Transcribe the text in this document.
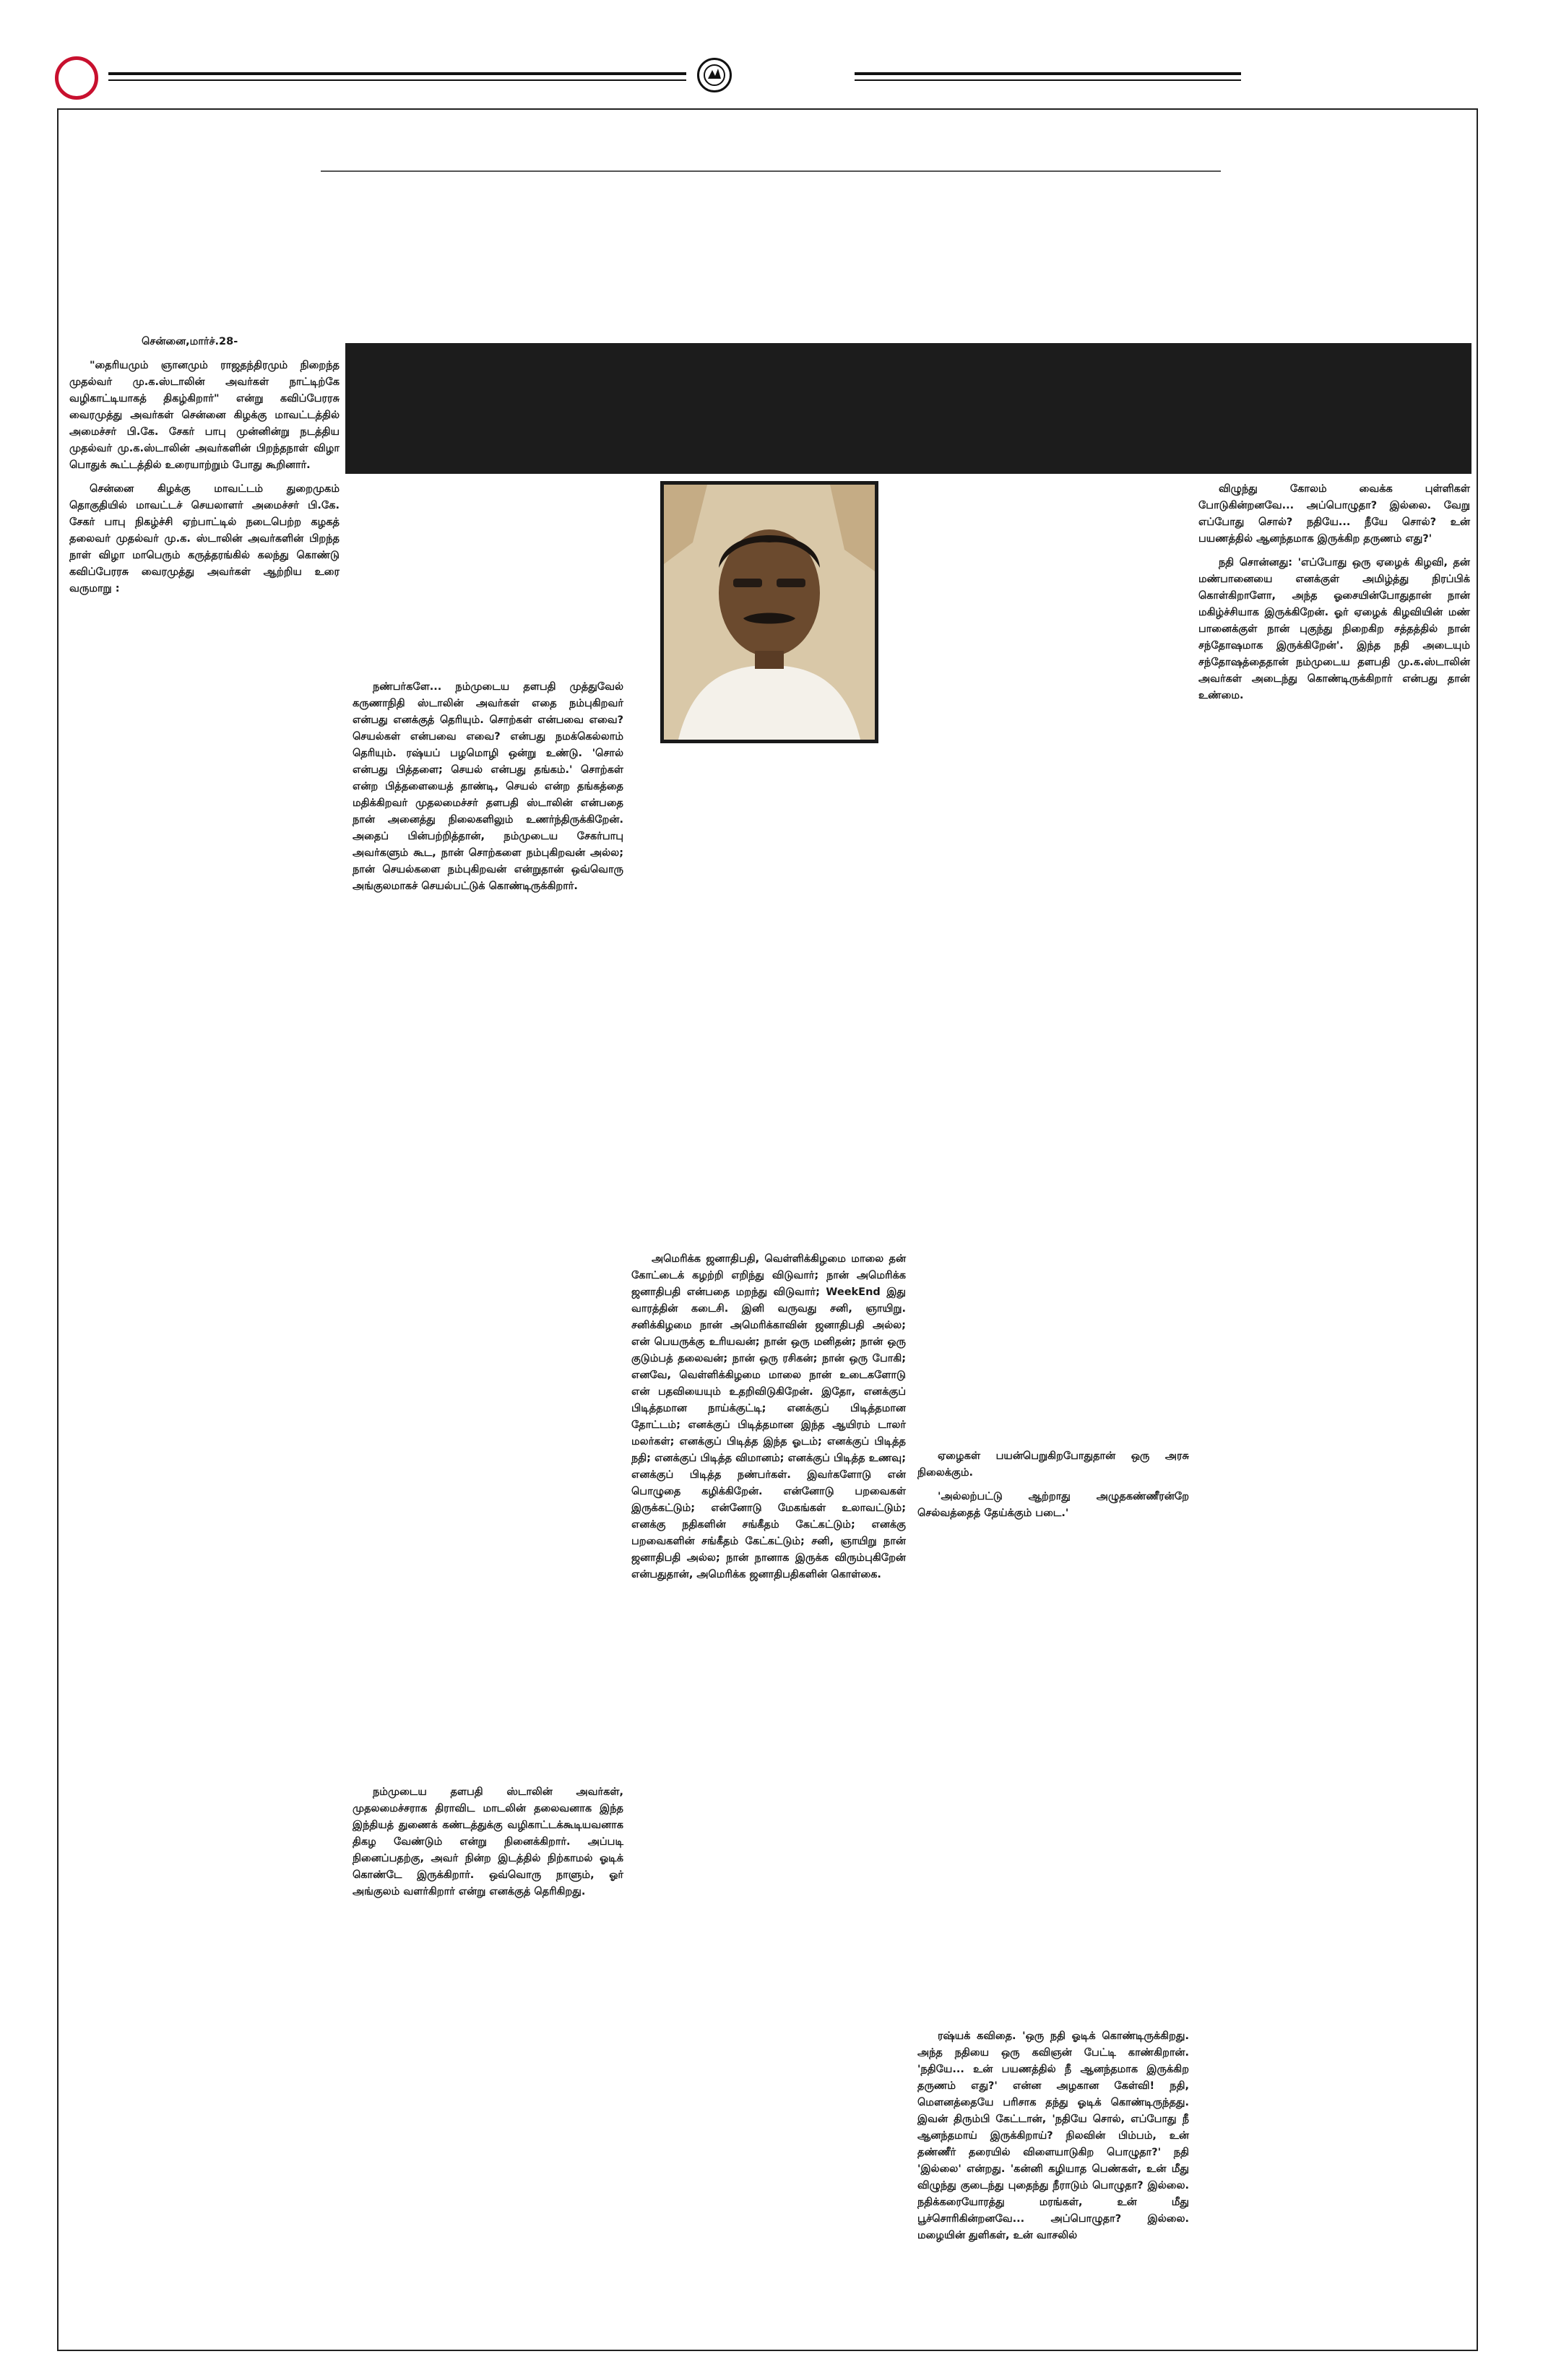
சென்னை,மார்ச்.28-

"தைரியமும் ஞானமும் ராஜதந்திரமும் நிறைந்த முதல்வர் மு.க.ஸ்டாலின் அவர்கள் நாட்டிற்கே வழிகாட்டியாகத் திகழ்கிறார்" என்று கவிப்பேரரசு வைரமுத்து அவர்கள் சென்னை கிழக்கு மாவட்டத்தில் அமைச்சர் பி.கே. சேகர் பாபு முன்னின்று நடத்திய முதல்வர் மு.க.ஸ்டாலின் அவர்களின் பிறந்தநாள் விழா பொதுக் கூட்டத்தில் உரையாற்றும் போது கூறினார்.

சென்னை கிழக்கு மாவட்டம் துறைமுகம் தொகுதியில் மாவட்டச் செயலாளர் அமைச்சர் பி.கே. சேகர் பாபு நிகழ்ச்சி ஏற்பாட்டில் நடைபெற்ற கழகத் தலைவர் முதல்வர் மு.க. ஸ்டாலின் அவர்களின் பிறந்த நாள் விழா மாபெரும் கருத்தரங்கில் கலந்து கொண்டு கவிப்பேரரசு வைரமுத்து அவர்கள் ஆற்றிய உரை வருமாறு :

நண்பர்களே... நம்முடைய தளபதி முத்துவேல் கருணாநிதி ஸ்டாலின் அவர்கள் எதை நம்புகிறவர் என்பது எனக்குத் தெரியும். சொற்கள் என்பவை எவை? செயல்கள் என்பவை எவை? என்பது நமக்கெல்லாம் தெரியும். ரஷ்யப் பழமொழி ஒன்று உண்டு. 'சொல் என்பது பித்தளை; செயல் என்பது தங்கம்.' சொற்கள் என்ற பித்தளையைத் தாண்டி, செயல் என்ற தங்கத்தை மதிக்கிறவர் முதலமைச்சர் தளபதி ஸ்டாலின் என்பதை நான் அனைத்து நிலைகளிலும் உணர்ந்திருக்கிறேன். அதைப் பின்பற்றித்தான், நம்முடைய சேகர்பாபு அவர்களும் கூட, நான் சொற்களை நம்புகிறவன் அல்ல; நான் செயல்களை நம்புகிறவன் என்றுதான் ஒவ்வொரு அங்குலமாகச் செயல்பட்டுக் கொண்டிருக்கிறார்.

நம்முடைய தளபதி ஸ்டாலின் அவர்கள், முதலமைச்சராக திராவிட மாடலின் தலைவனாக இந்த இந்தியத் துணைக் கண்டத்துக்கு வழிகாட்டக்கூடியவனாக திகழ வேண்டும் என்று நினைக்கிறார். அப்படி நினைப்பதற்கு, அவர் நின்ற இடத்தில் நிற்காமல் ஓடிக் கொண்டே இருக்கிறார். ஒவ்வொரு நாளும், ஓர் அங்குலம் வளர்கிறார் என்று எனக்குத் தெரிகிறது.

அமெரிக்க ஜனாதிபதி, வெள்ளிக்கிழமை மாலை தன் கோட்டைக் கழற்றி எறிந்து விடுவார்; நான் அமெரிக்க ஜனாதிபதி என்பதை மறந்து விடுவார்; WeekEnd இது வாரத்தின் கடைசி. இனி வருவது சனி, ஞாயிறு. சனிக்கிழமை நான் அமெரிக்காவின் ஜனாதிபதி அல்ல; என் பெயருக்கு உரியவன்; நான் ஒரு மனிதன்; நான் ஒரு குடும்பத் தலைவன்; நான் ஒரு ரசிகன்; நான் ஒரு போகி; எனவே, வெள்ளிக்கிழமை மாலை நான் உடைகளோடு என் பதவியையும் உதறிவிடுகிறேன். இதோ, எனக்குப் பிடித்தமான நாய்க்குட்டி; எனக்குப் பிடித்தமான தோட்டம்; எனக்குப் பிடித்தமான இந்த ஆயிரம் டாலர் மலர்கள்; எனக்குப் பிடித்த இந்த ஓடம்; எனக்குப் பிடித்த நதி; எனக்குப் பிடித்த விமானம்; எனக்குப் பிடித்த உணவு; எனக்குப் பிடித்த நண்பர்கள். இவர்களோடு என் பொழுதை கழிக்கிறேன். என்னோடு பறவைகள் இருக்கட்டும்; என்னோடு மேகங்கள் உலாவட்டும்; எனக்கு நதிகளின் சங்கீதம் கேட்கட்டும்; எனக்கு பறவைகளின் சங்கீதம் கேட்கட்டும்; சனி, ஞாயிறு நான் ஜனாதிபதி அல்ல; நான் நானாக இருக்க விரும்புகிறேன் என்பதுதான், அமெரிக்க ஜனாதிபதிகளின் கொள்கை.

ஏழைகள் பயன்பெறுகிறபோதுதான் ஒரு அரசு நிலைக்கும்.

'அல்லற்பட்டு ஆற்றாது அழுதகண்ணீரன்றே செல்வத்தைத் தேய்க்கும் படை.'

ரஷ்யக் கவிதை. 'ஒரு நதி ஓடிக் கொண்டிருக்கிறது. அந்த நதியை ஒரு கவிஞன் பேட்டி காண்கிறான். 'நதியே... உன் பயணத்தில் நீ ஆனந்தமாக இருக்கிற தருணம் எது?' என்ன அழகான கேள்வி! நதி, மௌனத்தையே பரிசாக தந்து ஓடிக் கொண்டிருந்தது. இவன் திரும்பி கேட்டான், 'நதியே சொல், எப்போது நீ ஆனந்தமாய் இருக்கிறாய்? நிலவின் பிம்பம், உன் தண்ணீர் தரையில் விளையாடுகிற பொழுதா?' நதி 'இல்லை' என்றது. 'கன்னி கழியாத பெண்கள், உன் மீது விழுந்து குடைந்து புதைந்து நீராடும் பொழுதா? இல்லை. நதிக்கரையோரத்து மரங்கள், உன் மீது பூச்சொரிகின்றனவே... அப்பொழுதா? இல்லை. மழையின் துளிகள், உன் வாசலில்

விழுந்து கோலம் வைக்க புள்ளிகள் போடுகின்றனவே... அப்பொழுதா? இல்லை. வேறு எப்போது சொல்? நதியே... நீயே சொல்? உன் பயணத்தில் ஆனந்தமாக இருக்கிற தருணம் எது?'

நதி சொன்னது: 'எப்போது ஒரு ஏழைக் கிழவி, தன் மண்பானையை எனக்குள் அமிழ்த்து நிரப்பிக் கொள்கிறாளோ, அந்த ஓசையின்போதுதான் நான் மகிழ்ச்சியாக இருக்கிறேன். ஓர் ஏழைக் கிழவியின் மண் பானைக்குள் நான் புகுந்து நிறைகிற சத்தத்தில் நான் சந்தோஷமாக இருக்கிறேன்'. இந்த நதி அடையும் சந்தோஷத்தைதான் நம்முடைய தளபதி மு.க.ஸ்டாலின் அவர்கள் அடைந்து கொண்டிருக்கிறார் என்பது தான் உண்மை.
